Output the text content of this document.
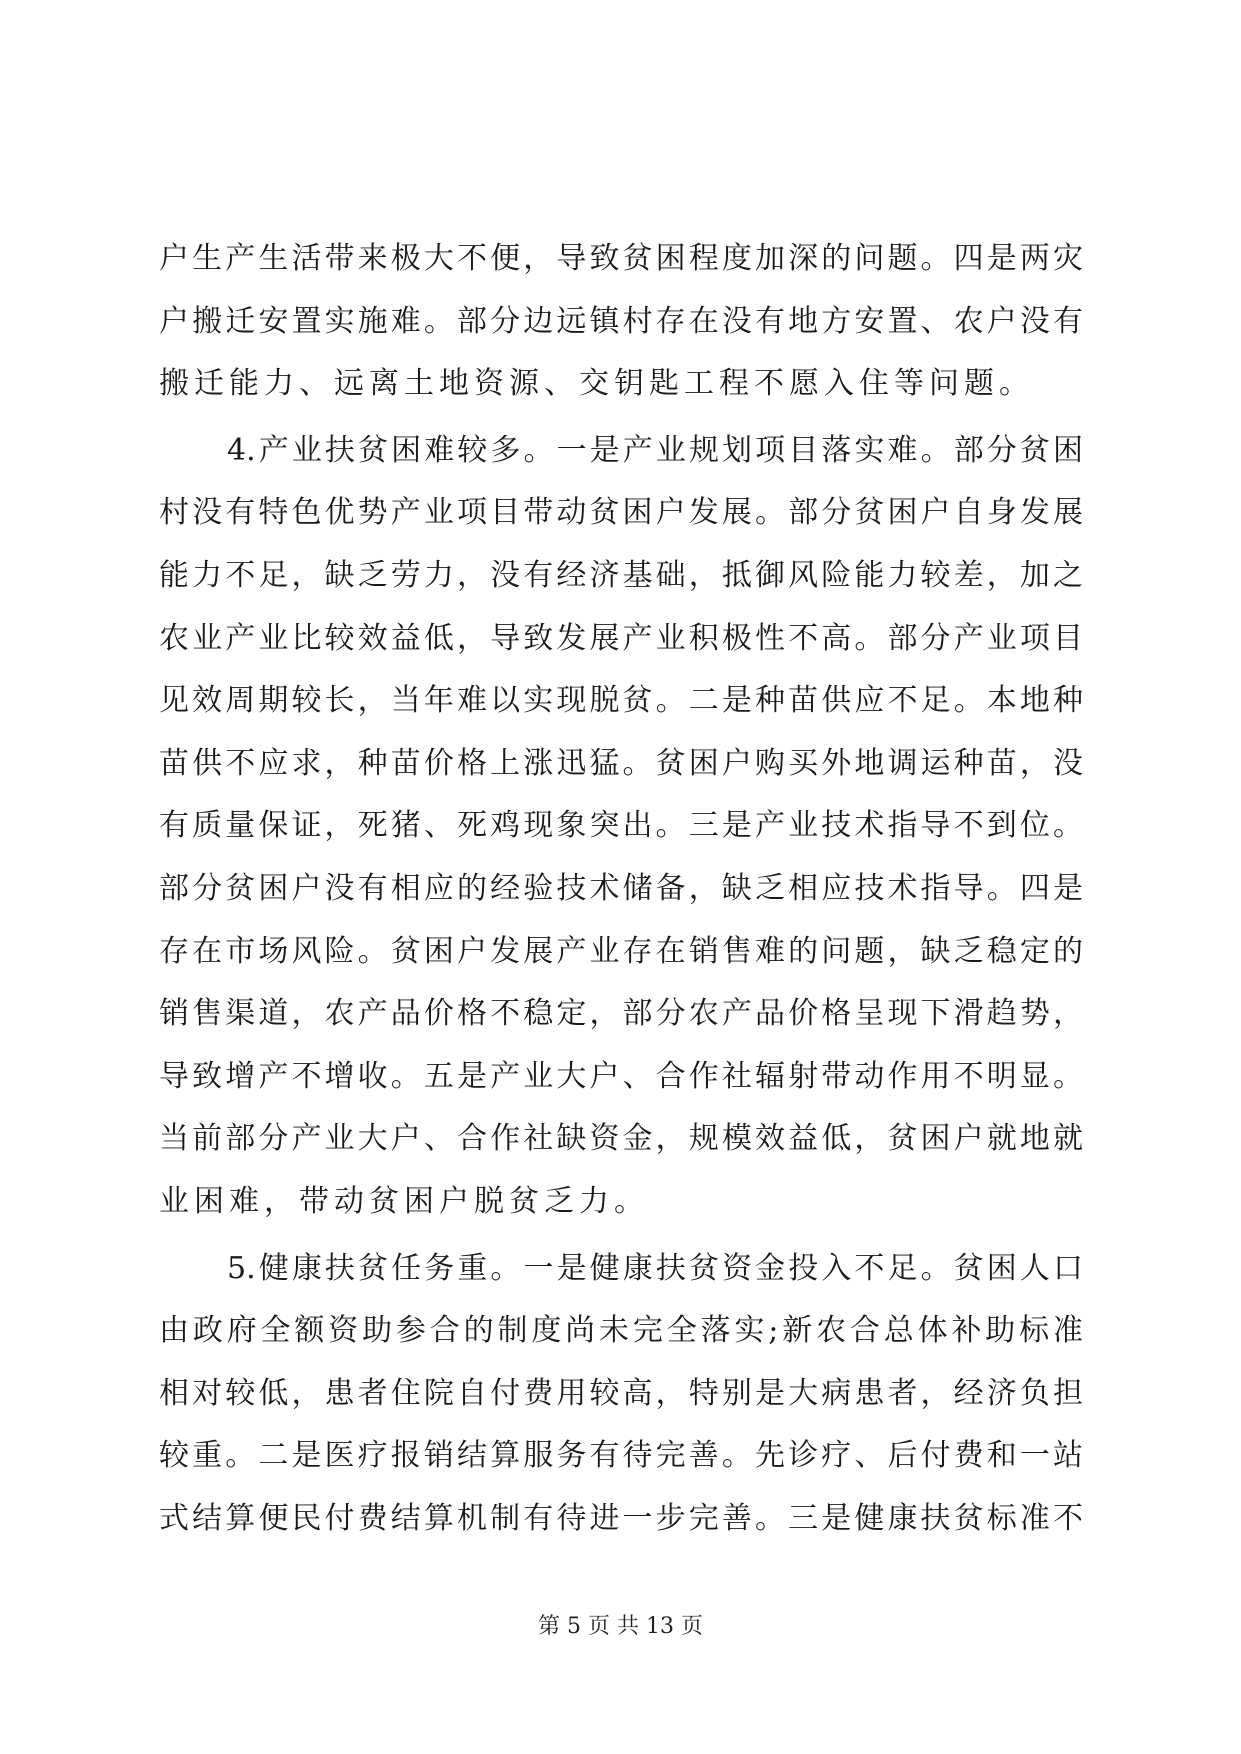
户生产生活带来极大不便，导致贫困程度加深的问题。四是两灾
户搬迁安置实施难。部分边远镇村存在没有地方安置、农户没有
搬迁能力、远离土地资源、交钥匙工程不愿入住等问题。
4.产业扶贫困难较多。一是产业规划项目落实难。部分贫困
村没有特色优势产业项目带动贫困户发展。部分贫困户自身发展
能力不足，缺乏劳力，没有经济基础，抵御风险能力较差，加之
农业产业比较效益低，导致发展产业积极性不高。部分产业项目
见效周期较长，当年难以实现脱贫。二是种苗供应不足。本地种
苗供不应求，种苗价格上涨迅猛。贫困户购买外地调运种苗，没
有质量保证，死猪、死鸡现象突出。三是产业技术指导不到位。
部分贫困户没有相应的经验技术储备，缺乏相应技术指导。四是
存在市场风险。贫困户发展产业存在销售难的问题，缺乏稳定的
销售渠道，农产品价格不稳定，部分农产品价格呈现下滑趋势，
导致增产不增收。五是产业大户、合作社辐射带动作用不明显。
当前部分产业大户、合作社缺资金，规模效益低，贫困户就地就
业困难，带动贫困户脱贫乏力。
5.健康扶贫任务重。一是健康扶贫资金投入不足。贫困人口
由政府全额资助参合的制度尚未完全落实;新农合总体补助标准
相对较低，患者住院自付费用较高，特别是大病患者，经济负担
较重。二是医疗报销结算服务有待完善。先诊疗、后付费和一站
式结算便民付费结算机制有待进一步完善。三是健康扶贫标准不
第 5 页 共 13 页
